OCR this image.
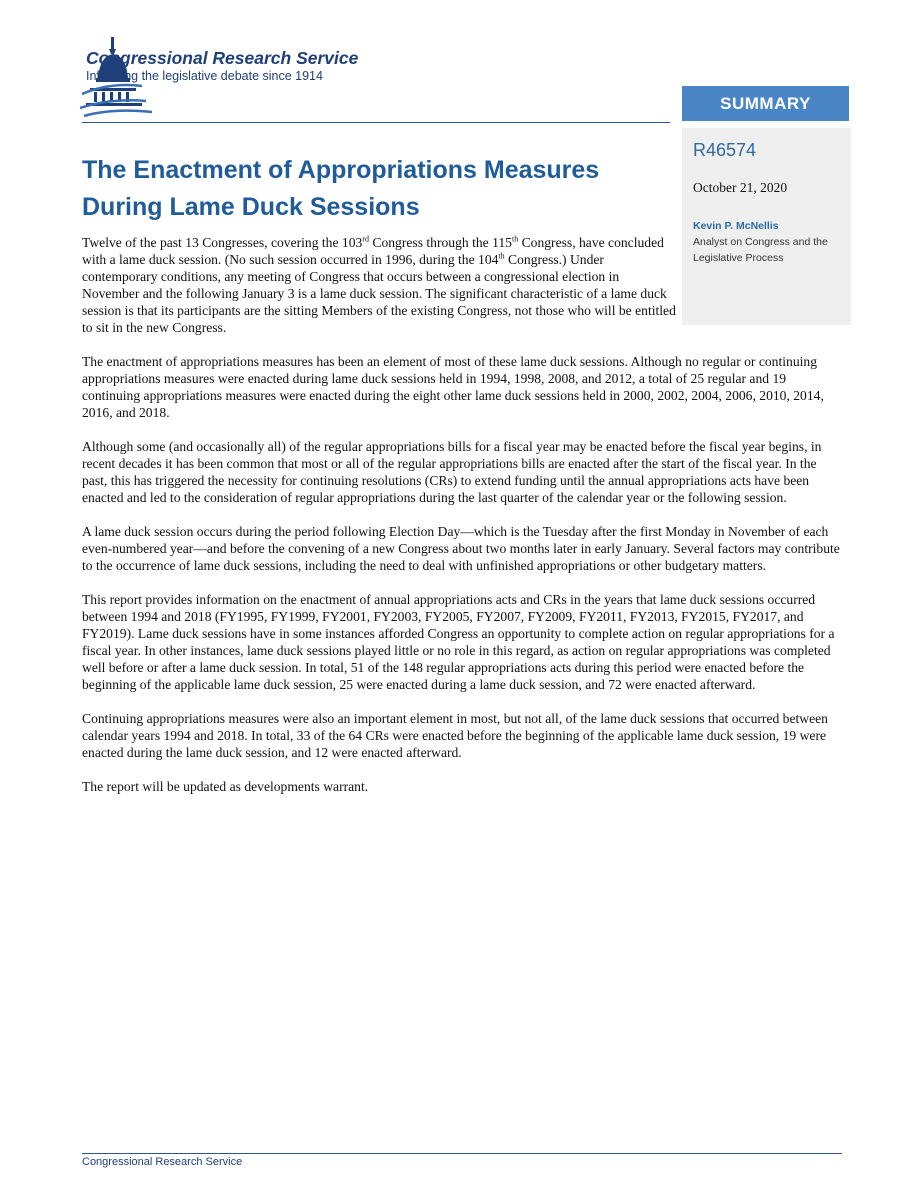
Congressional Research Service
Informing the legislative debate since 1914
SUMMARY
R46574
October 21, 2020
Kevin P. McNellis
Analyst on Congress and the Legislative Process
The Enactment of Appropriations Measures During Lame Duck Sessions

Twelve of the past 13 Congresses, covering the 103rd Congress through the 115th Congress, have concluded with a lame duck session. (No such session occurred in 1996, during the 104th Congress.) Under contemporary conditions, any meeting of Congress that occurs between a congressional election in November and the following January 3 is a lame duck session. The significant characteristic of a lame duck session is that its participants are the sitting Members of the existing Congress, not those who will be entitled to sit in the new Congress.

The enactment of appropriations measures has been an element of most of these lame duck sessions. Although no regular or continuing appropriations measures were enacted during lame duck sessions held in 1994, 1998, 2008, and 2012, a total of 25 regular and 19 continuing appropriations measures were enacted during the eight other lame duck sessions held in 2000, 2002, 2004, 2006, 2010, 2014, 2016, and 2018.

Although some (and occasionally all) of the regular appropriations bills for a fiscal year may be enacted before the fiscal year begins, in recent decades it has been common that most or all of the regular appropriations bills are enacted after the start of the fiscal year. In the past, this has triggered the necessity for continuing resolutions (CRs) to extend funding until the annual appropriations acts have been enacted and led to the consideration of regular appropriations during the last quarter of the calendar year or the following session.

A lame duck session occurs during the period following Election Day—which is the Tuesday after the first Monday in November of each even-numbered year—and before the convening of a new Congress about two months later in early January. Several factors may contribute to the occurrence of lame duck sessions, including the need to deal with unfinished appropriations or other budgetary matters.

This report provides information on the enactment of annual appropriations acts and CRs in the years that lame duck sessions occurred between 1994 and 2018 (FY1995, FY1999, FY2001, FY2003, FY2005, FY2007, FY2009, FY2011, FY2013, FY2015, FY2017, and FY2019). Lame duck sessions have in some instances afforded Congress an opportunity to complete action on regular appropriations for a fiscal year. In other instances, lame duck sessions played little or no role in this regard, as action on regular appropriations was completed well before or after a lame duck session. In total, 51 of the 148 regular appropriations acts during this period were enacted before the beginning of the applicable lame duck session, 25 were enacted during a lame duck session, and 72 were enacted afterward.

Continuing appropriations measures were also an important element in most, but not all, of the lame duck sessions that occurred between calendar years 1994 and 2018. In total, 33 of the 64 CRs were enacted before the beginning of the applicable lame duck session, 19 were enacted during the lame duck session, and 12 were enacted afterward.

The report will be updated as developments warrant.

Congressional Research Service
